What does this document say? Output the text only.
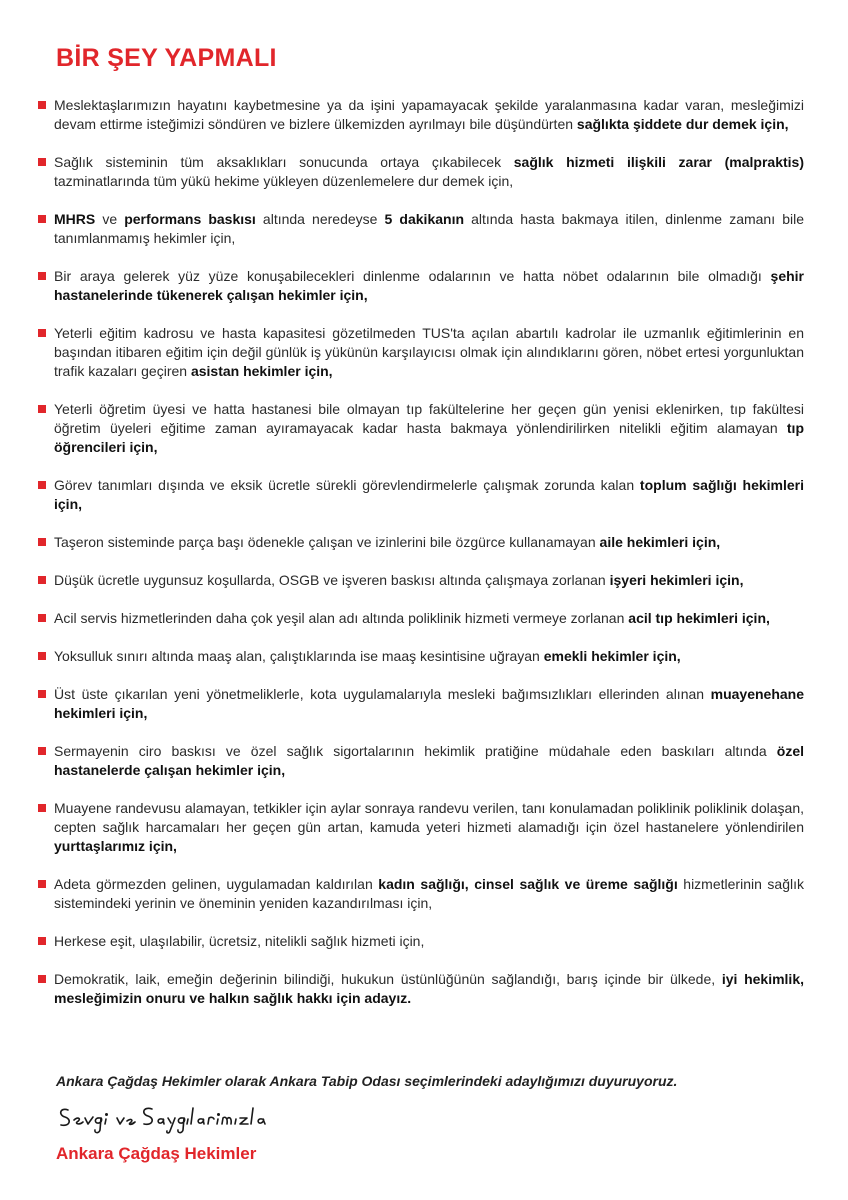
BİR ŞEY YAPMALI

Meslektaşlarımızın hayatını kaybetmesine ya da işini yapamayacak şekilde yaralanmasına kadar varan, mesleğimizi devam ettirme isteğimizi söndüren ve bizlere ülkemizden ayrılmayı bile düşündürten sağlıkta şiddete dur demek için,

Sağlık sisteminin tüm aksaklıkları sonucunda ortaya çıkabilecek sağlık hizmeti ilişkili zarar (malpraktis) tazminatlarında tüm yükü hekime yükleyen düzenlemelere dur demek için,

MHRS ve performans baskısı altında neredeyse 5 dakikanın altında hasta bakmaya itilen, dinlenme zamanı bile tanımlanmamış hekimler için,

Bir araya gelerek yüz yüze konuşabilecekleri dinlenme odalarının ve hatta nöbet odalarının bile olmadığı şehir hastanelerinde tükenerek çalışan hekimler için,

Yeterli eğitim kadrosu ve hasta kapasitesi gözetilmeden TUS'ta açılan abartılı kadrolar ile uzmanlık eğitimlerinin en başından itibaren eğitim için değil günlük iş yükünün karşılayıcısı olmak için alındıklarını gören, nöbet ertesi yorgunluktan trafik kazaları geçiren asistan hekimler için,

Yeterli öğretim üyesi ve hatta hastanesi bile olmayan tıp fakültelerine her geçen gün yenisi eklenirken, tıp fakültesi öğretim üyeleri eğitime zaman ayıramayacak kadar hasta bakmaya yönlendirilirken nitelikli eğitim alamayan tıp öğrencileri için,

Görev tanımları dışında ve eksik ücretle sürekli görevlendirmelerle çalışmak zorunda kalan toplum sağlığı hekimleri için,

Taşeron sisteminde parça başı ödenekle çalışan ve izinlerini bile özgürce kullanamayan aile hekimleri için,

Düşük ücretle uygunsuz koşullarda, OSGB ve işveren baskısı altında çalışmaya zorlanan işyeri hekimleri için,

Acil servis hizmetlerinden daha çok yeşil alan adı altında poliklinik hizmeti vermeye zorlanan acil tıp hekimleri için,

Yoksulluk sınırı altında maaş alan, çalıştıklarında ise maaş kesintisine uğrayan emekli hekimler için,

Üst üste çıkarılan yeni yönetmeliklerle, kota uygulamalarıyla mesleki bağımsızlıkları ellerinden alınan muayenehane hekimleri için,

Sermayenin ciro baskısı ve özel sağlık sigortalarının hekimlik pratiğine müdahale eden baskıları altında özel hastanelerde çalışan hekimler için,

Muayene randevusu alamayan, tetkikler için aylar sonraya randevu verilen, tanı konulamadan poliklinik poliklinik dolaşan, cepten sağlık harcamaları her geçen gün artan, kamuda yeteri hizmeti alamadığı için özel hastanelere yönlendirilen yurttaşlarımız için,

Adeta görmezden gelinen, uygulamadan kaldırılan kadın sağlığı, cinsel sağlık ve üreme sağlığı hizmetlerinin sağlık sistemindeki yerinin ve öneminin yeniden kazandırılması için,

Herkese eşit, ulaşılabilir, ücretsiz, nitelikli sağlık hizmeti için,

Demokratik, laik, emeğin değerinin bilindiği, hukukun üstünlüğünün sağlandığı, barış içinde bir ülkede, iyi hekimlik, mesleğimizin onuru ve halkın sağlık hakkı için adayız.

Ankara Çağdaş Hekimler olarak Ankara Tabip Odası seçimlerindeki adaylığımızı duyuruyoruz.

Ankara Çağdaş Hekimler
